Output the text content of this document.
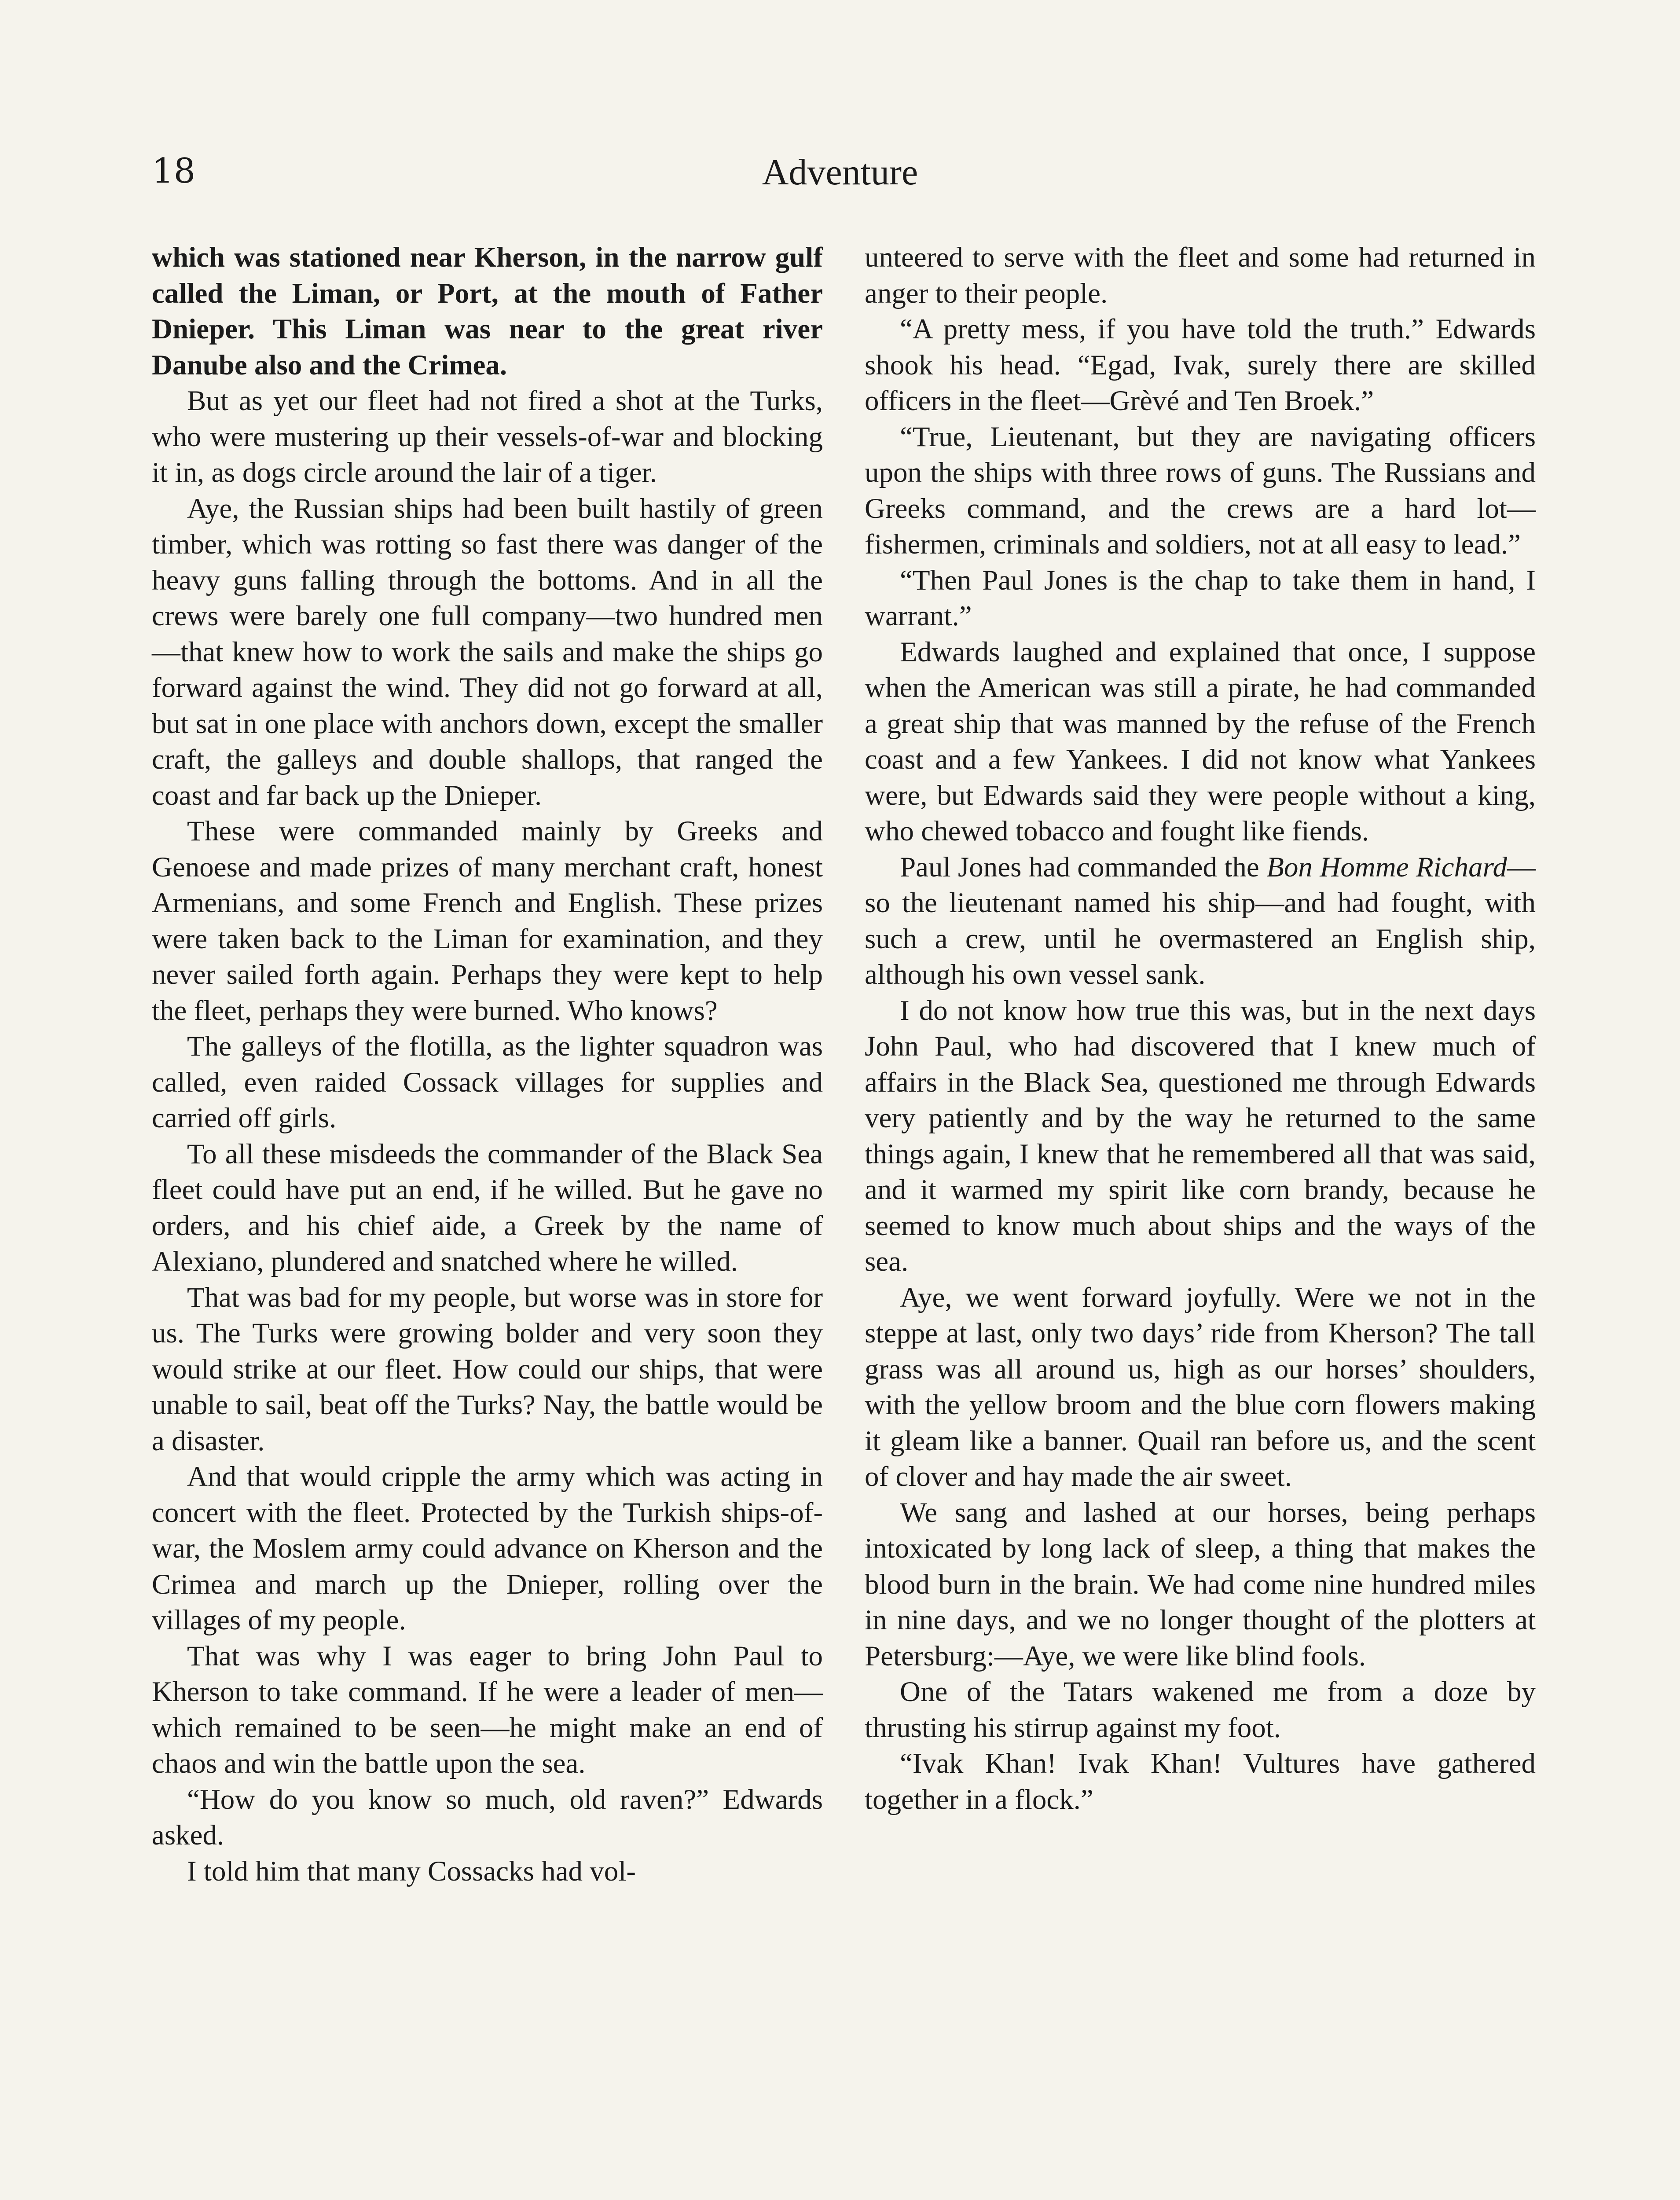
18	Adventure

which was stationed near Kherson, in the narrow gulf called the Liman, or Port, at the mouth of Father Dnieper. This Liman was near to the great river Danube also and the Crimea.

But as yet our fleet had not fired a shot at the Turks, who were mustering up their vessels-of-war and blocking it in, as dogs circle around the lair of a tiger.

Aye, the Russian ships had been built hastily of green timber, which was rotting so fast there was danger of the heavy guns falling through the bottoms. And in all the crews were barely one full company—two hundred men—that knew how to work the sails and make the ships go forward against the wind. They did not go forward at all, but sat in one place with anchors down, except the smaller craft, the galleys and double shallops, that ranged the coast and far back up the Dnieper.

These were commanded mainly by Greeks and Genoese and made prizes of many merchant craft, honest Armenians, and some French and English. These prizes were taken back to the Liman for examination, and they never sailed forth again. Perhaps they were kept to help the fleet, perhaps they were burned. Who knows?

The galleys of the flotilla, as the lighter squadron was called, even raided Cossack villages for supplies and carried off girls.

To all these misdeeds the commander of the Black Sea fleet could have put an end, if he willed. But he gave no orders, and his chief aide, a Greek by the name of Alexiano, plundered and snatched where he willed.

That was bad for my people, but worse was in store for us. The Turks were growing bolder and very soon they would strike at our fleet. How could our ships, that were unable to sail, beat off the Turks? Nay, the battle would be a disaster.

And that would cripple the army which was acting in concert with the fleet. Protected by the Turkish ships-of-war, the Moslem army could advance on Kherson and the Crimea and march up the Dnieper, rolling over the villages of my people.

That was why I was eager to bring John Paul to Kherson to take command. If he were a leader of men—which remained to be seen—he might make an end of chaos and win the battle upon the sea.

“How do you know so much, old raven?” Edwards asked.

I told him that many Cossacks had vol-

unteered to serve with the fleet and some had returned in anger to their people.

“A pretty mess, if you have told the truth.” Edwards shook his head. “Egad, Ivak, surely there are skilled officers in the fleet—Grèvé and Ten Broek.”

“True, Lieutenant, but they are navigating officers upon the ships with three rows of guns. The Russians and Greeks command, and the crews are a hard lot—fishermen, criminals and soldiers, not at all easy to lead.”

“Then Paul Jones is the chap to take them in hand, I warrant.”

Edwards laughed and explained that once, I suppose when the American was still a pirate, he had commanded a great ship that was manned by the refuse of the French coast and a few Yankees. I did not know what Yankees were, but Edwards said they were people without a king, who chewed tobacco and fought like fiends.

Paul Jones had commanded the Bon Homme Richard—so the lieutenant named his ship—and had fought, with such a crew, until he overmastered an English ship, although his own vessel sank.

I do not know how true this was, but in the next days John Paul, who had discovered that I knew much of affairs in the Black Sea, questioned me through Edwards very patiently and by the way he returned to the same things again, I knew that he remembered all that was said, and it warmed my spirit like corn brandy, because he seemed to know much about ships and the ways of the sea.

Aye, we went forward joyfully. Were we not in the steppe at last, only two days’ ride from Kherson? The tall grass was all around us, high as our horses’ shoulders, with the yellow broom and the blue corn flowers making it gleam like a banner. Quail ran before us, and the scent of clover and hay made the air sweet.

We sang and lashed at our horses, being perhaps intoxicated by long lack of sleep, a thing that makes the blood burn in the brain. We had come nine hundred miles in nine days, and we no longer thought of the plotters at Petersburg:—Aye, we were like blind fools.

One of the Tatars wakened me from a doze by thrusting his stirrup against my foot.

“Ivak Khan! Ivak Khan! Vultures have gathered together in a flock.”
